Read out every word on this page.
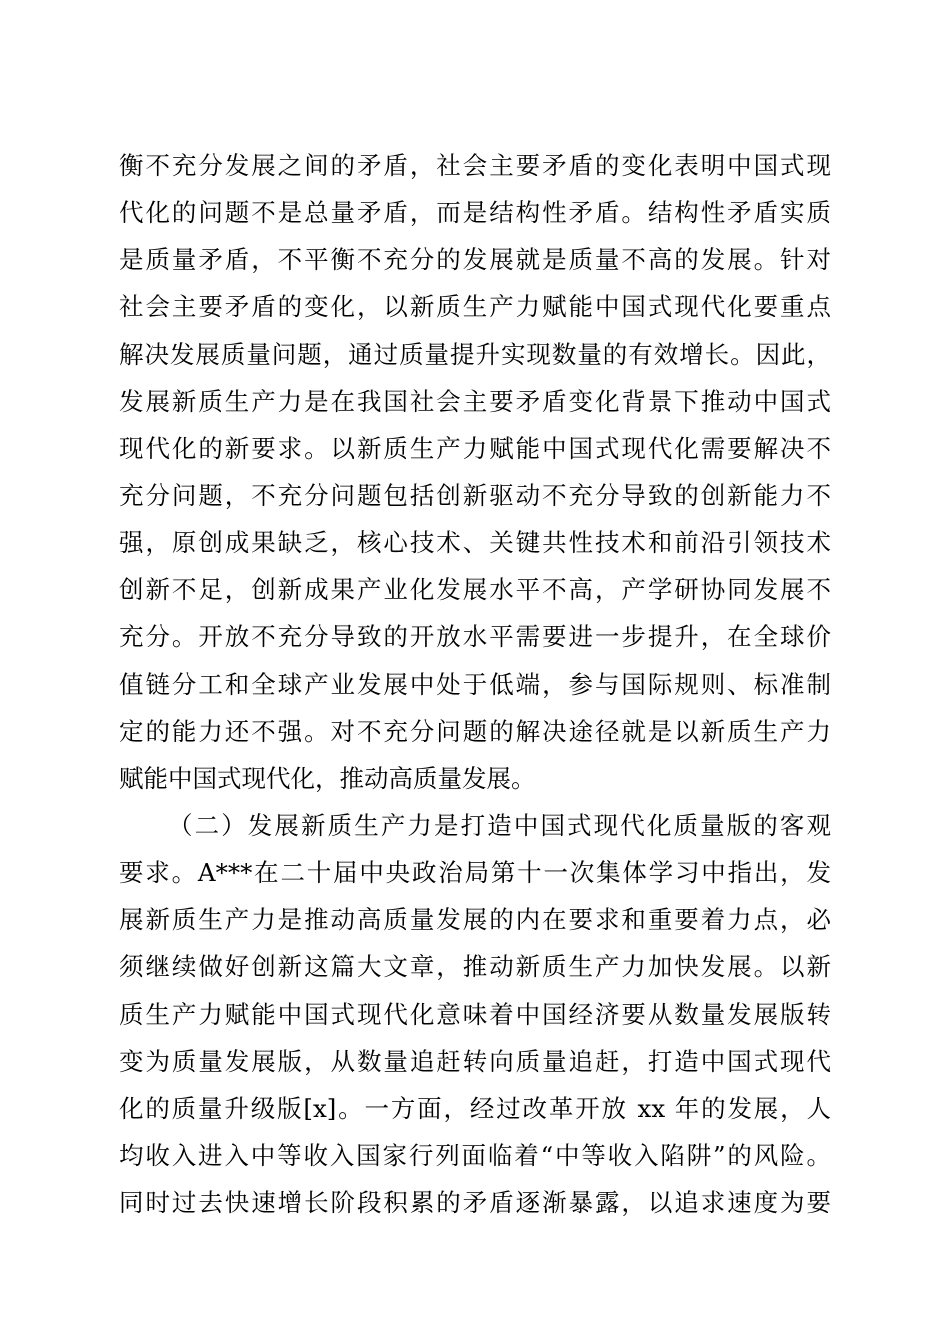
衡不充分发展之间的矛盾，社会主要矛盾的变化表明中国式现
代化的问题不是总量矛盾，而是结构性矛盾。结构性矛盾实质
是质量矛盾，不平衡不充分的发展就是质量不高的发展。针对
社会主要矛盾的变化，以新质生产力赋能中国式现代化要重点
解决发展质量问题，通过质量提升实现数量的有效增长。因此，
发展新质生产力是在我国社会主要矛盾变化背景下推动中国式
现代化的新要求。以新质生产力赋能中国式现代化需要解决不
充分问题，不充分问题包括创新驱动不充分导致的创新能力不
强，原创成果缺乏，核心技术、关键共性技术和前沿引领技术
创新不足，创新成果产业化发展水平不高，产学研协同发展不
充分。开放不充分导致的开放水平需要进一步提升，在全球价
值链分工和全球产业发展中处于低端，参与国际规则、标准制
定的能力还不强。对不充分问题的解决途径就是以新质生产力
赋能中国式现代化，推动高质量发展。
（二）发展新质生产力是打造中国式现代化质量版的客观
要求。A***在二十届中央政治局第十一次集体学习中指出，发
展新质生产力是推动高质量发展的内在要求和重要着力点，必
须继续做好创新这篇大文章，推动新质生产力加快发展。以新
质生产力赋能中国式现代化意味着中国经济要从数量发展版转
变为质量发展版，从数量追赶转向质量追赶，打造中国式现代
化的质量升级版[x]。一方面，经过改革开放 xx 年的发展，人
均收入进入中等收入国家行列面临着“中等收入陷阱”的风险。
同时过去快速增长阶段积累的矛盾逐渐暴露，以追求速度为要
